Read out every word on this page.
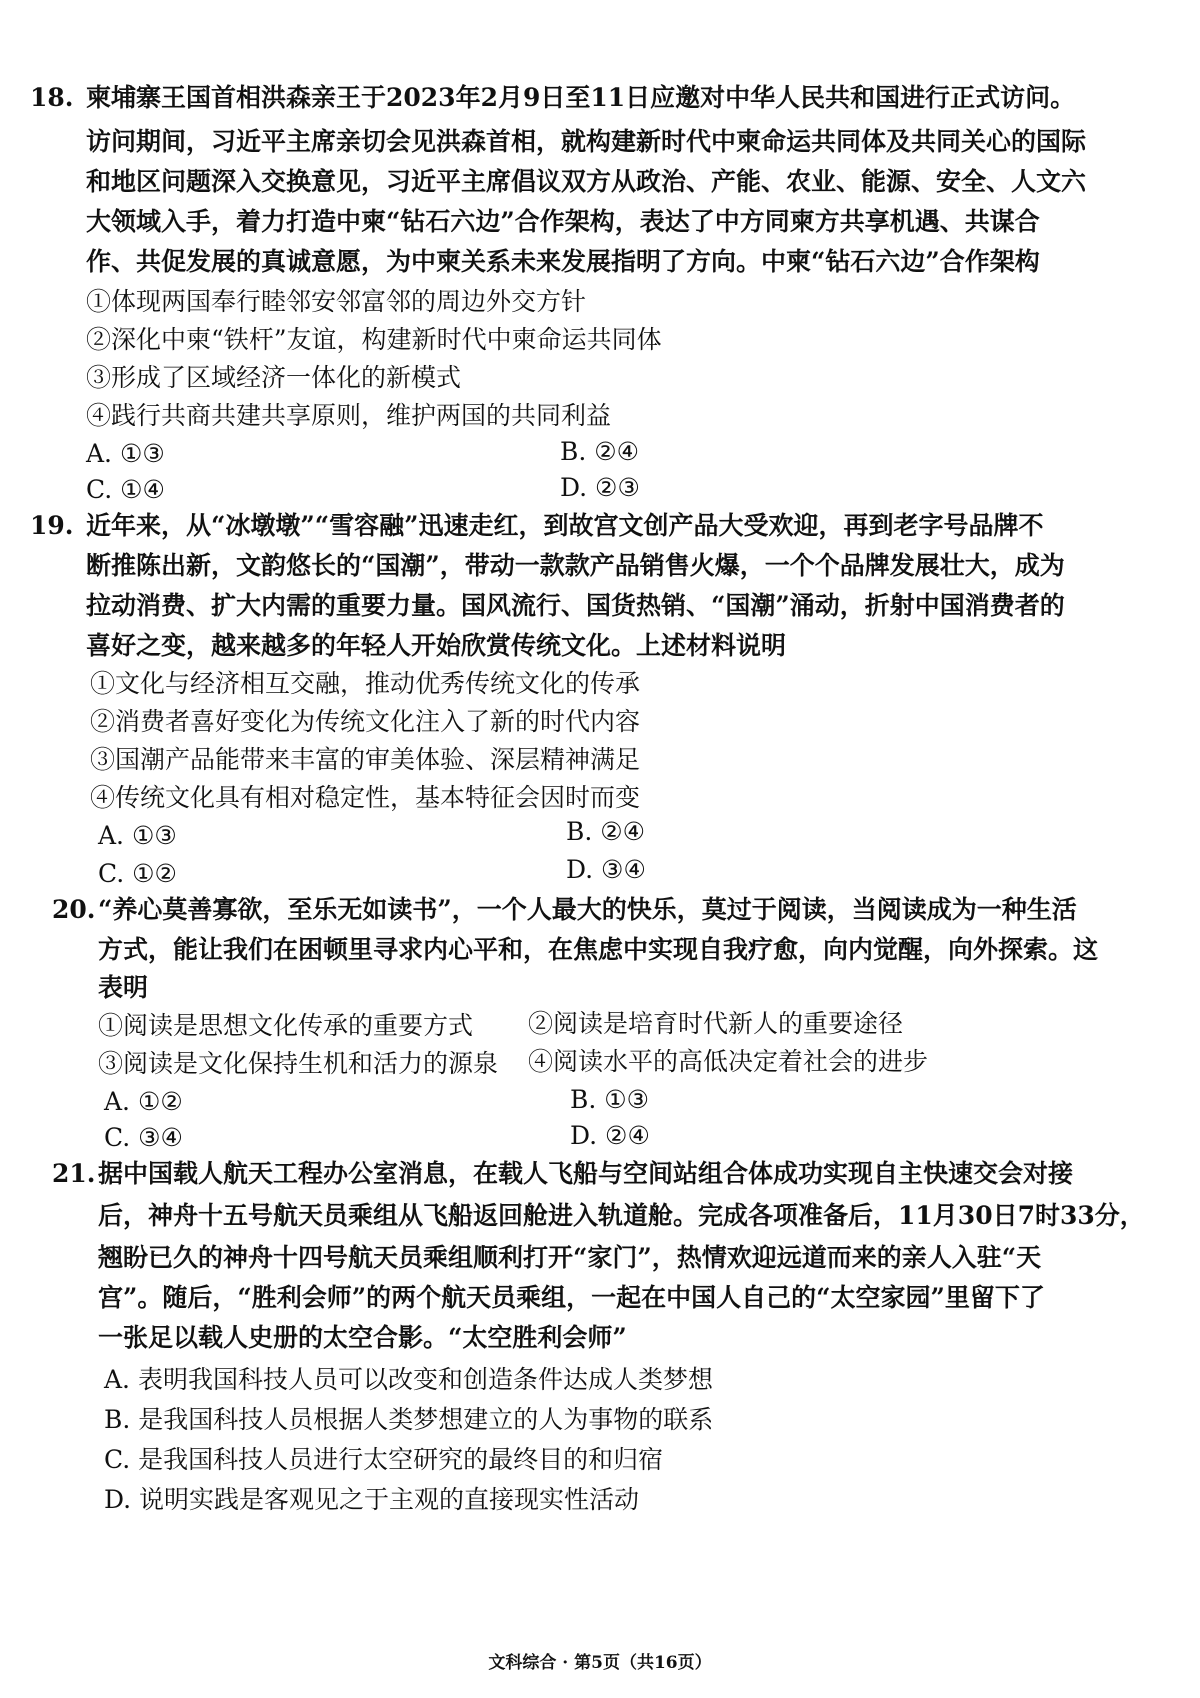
18. 柬埔寨王国首相洪森亲王于2023年2月9日至11日应邀对中华人民共和国进行正式访问。
访问期间，习近平主席亲切会见洪森首相，就构建新时代中柬命运共同体及共同关心的国际
和地区问题深入交换意见，习近平主席倡议双方从政治、产能、农业、能源、安全、人文六
大领域入手，着力打造中柬“钻石六边”合作架构，表达了中方同柬方共享机遇、共谋合
作、共促发展的真诚意愿，为中柬关系未来发展指明了方向。中柬“钻石六边”合作架构
①体现两国奉行睦邻安邻富邻的周边外交方针
②深化中柬“铁杆”友谊，构建新时代中柬命运共同体
③形成了区域经济一体化的新模式
④践行共商共建共享原则，维护两国的共同利益
A. ①③	B. ②④
C. ①④	D. ②③
19. 近年来，从“冰墩墩”“雪容融”迅速走红，到故宫文创产品大受欢迎，再到老字号品牌不
断推陈出新，文韵悠长的“国潮”，带动一款款产品销售火爆，一个个品牌发展壮大，成为
拉动消费、扩大内需的重要力量。国风流行、国货热销、“国潮”涌动，折射中国消费者的
喜好之变，越来越多的年轻人开始欣赏传统文化。上述材料说明
①文化与经济相互交融，推动优秀传统文化的传承
②消费者喜好变化为传统文化注入了新的时代内容
③国潮产品能带来丰富的审美体验、深层精神满足
④传统文化具有相对稳定性，基本特征会因时而变
A. ①③	B. ②④
C. ①②	D. ③④
20. “养心莫善寡欲，至乐无如读书”，一个人最大的快乐，莫过于阅读，当阅读成为一种生活
方式，能让我们在困顿里寻求内心平和，在焦虑中实现自我疗愈，向内觉醒，向外探索。这
表明
①阅读是思想文化传承的重要方式 ②阅读是培育时代新人的重要途径
③阅读是文化保持生机和活力的源泉 ④阅读水平的高低决定着社会的进步
A. ①②	B. ①③
C. ③④	D. ②④
21. 据中国载人航天工程办公室消息，在载人飞船与空间站组合体成功实现自主快速交会对接
后，神舟十五号航天员乘组从飞船返回舱进入轨道舱。完成各项准备后，11月30日7时33分，
翘盼已久的神舟十四号航天员乘组顺利打开“家门”，热情欢迎远道而来的亲人入驻“天
宫”。随后，“胜利会师”的两个航天员乘组，一起在中国人自己的“太空家园”里留下了
一张足以载人史册的太空合影。“太空胜利会师”
A. 表明我国科技人员可以改变和创造条件达成人类梦想
B. 是我国科技人员根据人类梦想建立的人为事物的联系
C. 是我国科技人员进行太空研究的最终目的和归宿
D. 说明实践是客观见之于主观的直接现实性活动
文科综合 · 第5页（共16页）
